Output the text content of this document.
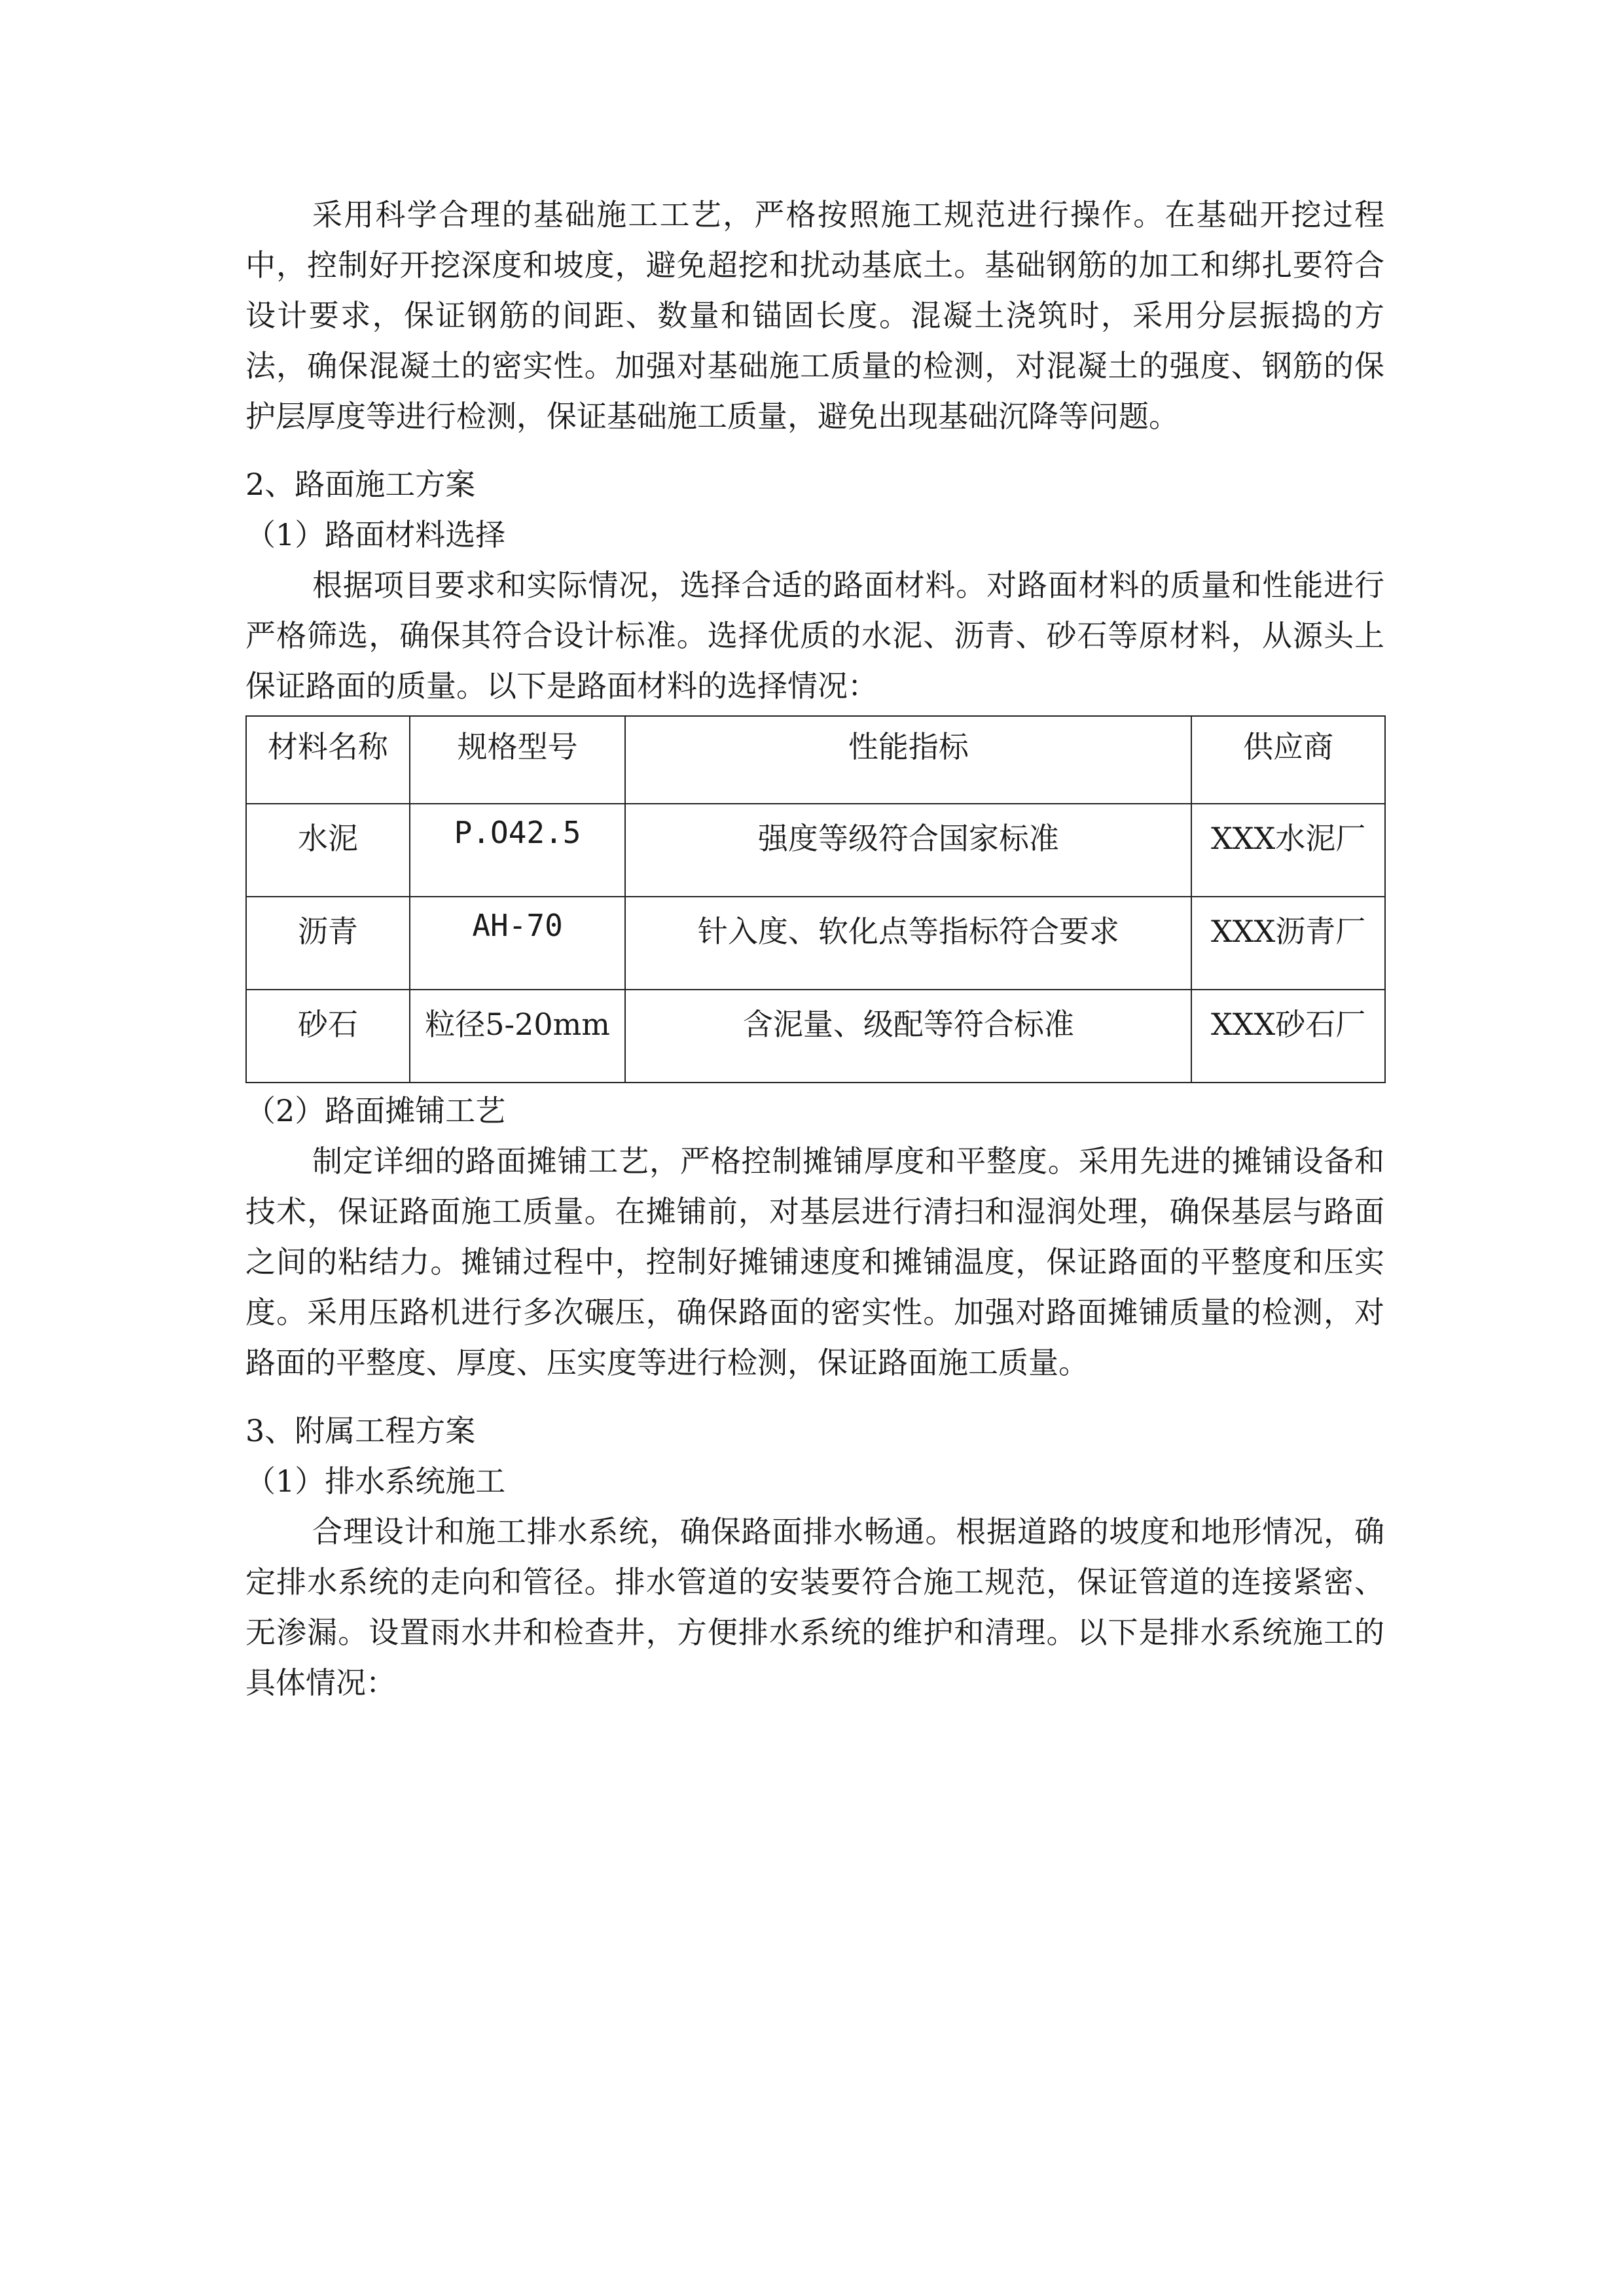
采用科学合理的基础施工工艺，严格按照施工规范进行操作。在基础开挖过程中，控制好开挖深度和坡度，避免超挖和扰动基底土。基础钢筋的加工和绑扎要符合设计要求，保证钢筋的间距、数量和锚固长度。混凝土浇筑时，采用分层振捣的方法，确保混凝土的密实性。加强对基础施工质量的检测，对混凝土的强度、钢筋的保护层厚度等进行检测，保证基础施工质量，避免出现基础沉降等问题。

2、路面施工方案

（1）路面材料选择

根据项目要求和实际情况，选择合适的路面材料。对路面材料的质量和性能进行严格筛选，确保其符合设计标准。选择优质的水泥、沥青、砂石等原材料，从源头上保证路面的质量。以下是路面材料的选择情况：

材料名称	规格型号	性能指标	供应商
水泥	P.O42.5	强度等级符合国家标准	XXX水泥厂
沥青	AH-70	针入度、软化点等指标符合要求	XXX沥青厂
砂石	粒径5-20mm	含泥量、级配等符合标准	XXX砂石厂

（2）路面摊铺工艺

制定详细的路面摊铺工艺，严格控制摊铺厚度和平整度。采用先进的摊铺设备和技术，保证路面施工质量。在摊铺前，对基层进行清扫和湿润处理，确保基层与路面之间的粘结力。摊铺过程中，控制好摊铺速度和摊铺温度，保证路面的平整度和压实度。采用压路机进行多次碾压，确保路面的密实性。加强对路面摊铺质量的检测，对路面的平整度、厚度、压实度等进行检测，保证路面施工质量。

3、附属工程方案

（1）排水系统施工

合理设计和施工排水系统，确保路面排水畅通。根据道路的坡度和地形情况，确定排水系统的走向和管径。排水管道的安装要符合施工规范，保证管道的连接紧密、无渗漏。设置雨水井和检查井，方便排水系统的维护和清理。以下是排水系统施工的具体情况：
